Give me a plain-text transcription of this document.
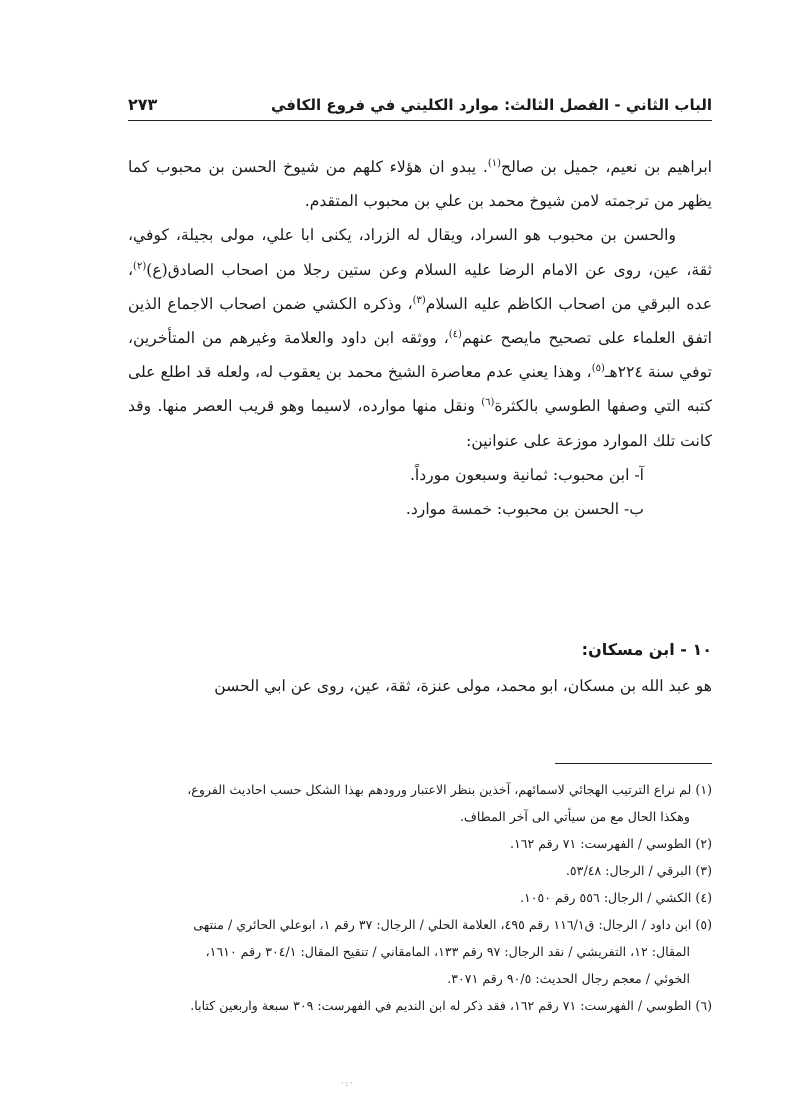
٢٧٣	الباب الثاني - الفصل الثالث: موارد الكليني في فروع الكافي

ابراهيم بن نعيم، جميل بن صالح$^{(١)}$. يبدو ان هؤلاء كلهم من شيوخ الحسن بن محبوب كما يظهر من ترجمته لامن شيوخ محمد بن علي بن محبوب المتقدم.

والحسن بن محبوب هو السراد، ويقال له الزراد، يكنى ابا علي، مولى بجيلة، كوفي، ثقة، عين، روى عن الامام الرضا عليه السلام وعن ستين رجلا من اصحاب الصادق(ع)$^{(٢)}$، عده البرقي من اصحاب الكاظم عليه السلام$^{(٣)}$، وذكره الكشي ضمن اصحاب الاجماع الذين اتفق العلماء على تصحيح مايصح عنهم$^{(٤)}$، ووثقه ابن داود والعلامة وغيرهم من المتأخرين، توفي سنة ٢٢٤هـ$^{(٥)}$، وهذا يعني عدم معاصرة الشيخ محمد بن يعقوب له، ولعله قد اطلع على كتبه التي وصفها الطوسي بالكثرة$^{(٦)}$ ونقل منها موارده، لاسيما وهو قريب العصر منها. وقد كانت تلك الموارد موزعة على عنوانين:

آ- ابن محبوب: ثمانية وسبعون مورداً.

ب- الحسن بن محبوب: خمسة موارد.

١٠ - ابن مسكان:
هو عبد الله بن مسكان، ابو محمد، مولى عنزة، ثقة، عين، روى عن ابي الحسن

(١) لم نراع الترتيب الهجائي لاسمائهم، آخذين بنظر الاعتبار ورودهم بهذا الشكل حسب احاديث الفروع،

وهكذا الحال مع من سيأتي الى آخر المطاف.

(٢) الطوسي / الفهرست: ٧١ رقم ١٦٢.

(٣) البرقي / الرجال: ٥٣/٤٨.

(٤) الكشي / الرجال: ٥٥٦ رقم ١٠٥٠.

(٥) ابن داود / الرجال: ق١١٦/١ رقم ٤٩٥، العلامة الحلي / الرجال: ٣٧ رقم ١، ابوعلي الحائري / منتهى

المقال: ١٢، التفريشي / نقد الرجال: ٩٧ رقم ١٣٣، المامقاني / تنقيح المقال: ٣٠٤/١ رقم ١٦١٠،

الخوئي / معجم رجال الحديث: ٩٠/٥ رقم ٣٠٧١.

(٦) الطوسي / الفهرست: ٧١ رقم ١٦٢، فقد ذكر له ابن النديم في الفهرست: ٣٠٩ سبعة واربعين كتابا.

·:·
